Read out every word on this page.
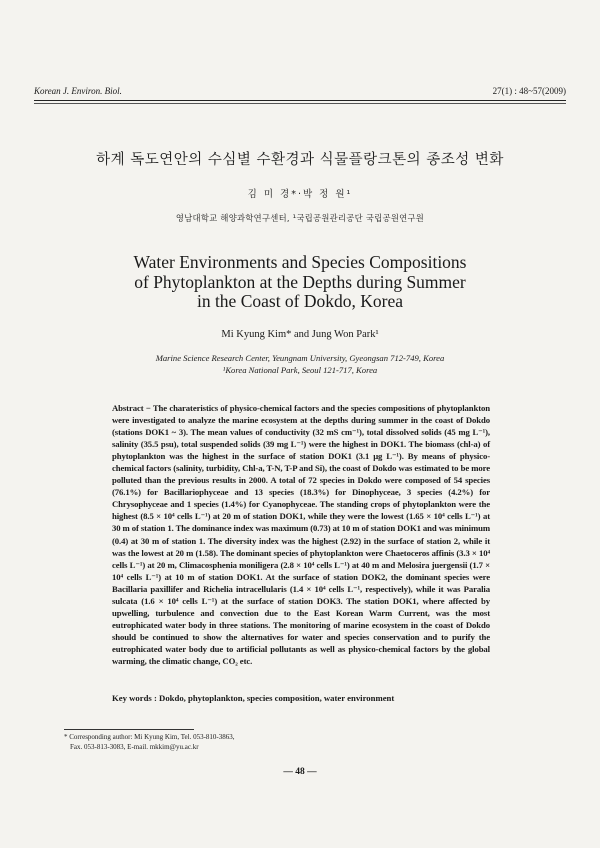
Korean J. Environ. Biol.	27(1) : 48~57(2009)
하계 독도연안의 수심별 수환경과 식물플랑크톤의 종조성 변화
김 미 경*·박 정 원¹
영남대학교 해양과학연구센터, ¹국립공원관리공단 국립공원연구원
Water Environments and Species Compositions
of Phytoplankton at the Depths during Summer
in the Coast of Dokdo, Korea
Mi Kyung Kim* and Jung Won Park¹
Marine Science Research Center, Yeungnam University, Gyeongsan 712-749, Korea
¹Korea National Park, Seoul 121-717, Korea
Abstract − The charateristics of physico-chemical factors and the species compositions of phytoplankton were investigated to analyze the marine ecosystem at the depths during summer in the coast of Dokdo (stations DOK1 ~ 3). The mean values of conductivity (32 mS cm⁻¹), total dissolved solids (45 mg L⁻¹), salinity (35.5 psu), total suspended solids (39 mg L⁻¹) were the highest in DOK1. The biomass (chl-a) of phytoplankton was the highest in the surface of station DOK1 (3.1 μg L⁻¹). By means of physico-chemical factors (salinity, turbidity, Chl-a, T-N, T-P and Si), the coast of Dokdo was estimated to be more polluted than the previous results in 2000. A total of 72 species in Dokdo were composed of 54 species (76.1%) for Bacillariophyceae and 13 species (18.3%) for Dinophyceae, 3 species (4.2%) for Chrysophyceae and 1 species (1.4%) for Cyanophyceae. The standing crops of phytoplankton were the highest (8.5 × 10⁴ cells L⁻¹) at 20 m of station DOK1, while they were the lowest (1.65 × 10⁴ cells L⁻¹) at 30 m of station 1. The dominance index was maximum (0.73) at 10 m of station DOK1 and was minimum (0.4) at 30 m of station 1. The diversity index was the highest (2.92) in the surface of station 2, while it was the lowest at 20 m (1.58). The dominant species of phytoplankton were Chaetoceros affinis (3.3 × 10⁴ cells L⁻¹) at 20 m, Climacosphenia moniligera (2.8 × 10⁴ cells L⁻¹) at 40 m and Melosira juergensii (1.7 × 10⁴ cells L⁻¹) at 10 m of station DOK1. At the surface of station DOK2, the dominant species were Bacillaria paxillifer and Richelia intracellularis (1.4 × 10⁴ cells L⁻¹, respectively), while it was Paralia sulcata (1.6 × 10⁴ cells L⁻¹) at the surface of station DOK3. The station DOK1, where affected by upwelling, turbulence and convection due to the East Korean Warm Current, was the most eutrophicated water body in three stations. The monitoring of marine ecosystem in the coast of Dokdo should be continued to show the alternatives for water and species conservation and to purify the eutrophicated water body due to artificial pollutants as well as physico-chemical factors by the global warming, the climatic change, CO₂ etc.
Key words : Dokdo, phytoplankton, species composition, water environment
* Corresponding author: Mi Kyung Kim, Tel. 053-810-3863,
Fax. 053-813-3083, E-mail. mkkim@yu.ac.kr
— 48 —
